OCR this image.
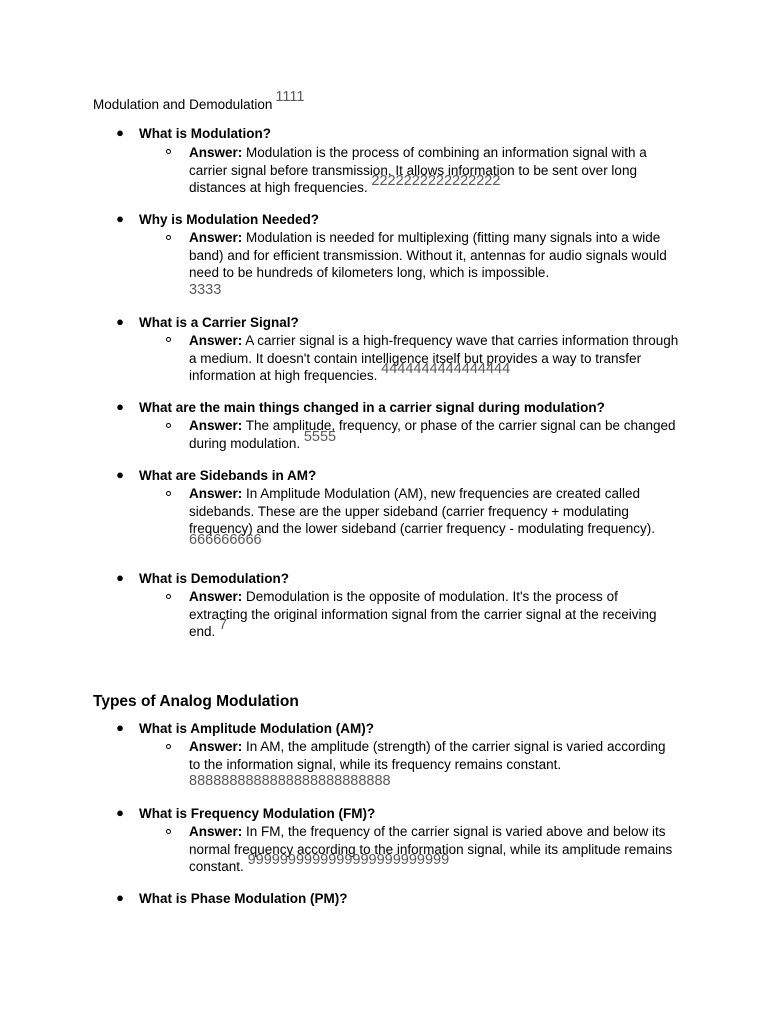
Modulation and Demodulation 1111
● What is Modulation?
Answer: Modulation is the process of combining an information signal with a carrier signal before transmission. It allows information to be sent over long distances at high frequencies. 2222222222222222
● Why is Modulation Needed?
Answer: Modulation is needed for multiplexing (fitting many signals into a wide band) and for efficient transmission. Without it, antennas for audio signals would need to be hundreds of kilometers long, which is impossible.
3333
● What is a Carrier Signal?
Answer: A carrier signal is a high-frequency wave that carries information through a medium. It doesn't contain intelligence itself but provides a way to transfer information at high frequencies. 4444444444444444
● What are the main things changed in a carrier signal during modulation?
Answer: The amplitude, frequency, or phase of the carrier signal can be changed during modulation. 5555
● What are Sidebands in AM?
Answer: In Amplitude Modulation (AM), new frequencies are created called sidebands. These are the upper sideband (carrier frequency + modulating frequency) and the lower sideband (carrier frequency - modulating frequency). 666666666
● What is Demodulation?
Answer: Demodulation is the opposite of modulation. It's the process of extracting the original information signal from the carrier signal at the receiving end. 7
Types of Analog Modulation
● What is Amplitude Modulation (AM)?
Answer: In AM, the amplitude (strength) of the carrier signal is varied according to the information signal, while its frequency remains constant.
8888888888888888888888888
● What is Frequency Modulation (FM)?
Answer: In FM, the frequency of the carrier signal is varied above and below its normal frequency according to the information signal, while its amplitude remains constant. 9999999999999999999999999
● What is Phase Modulation (PM)?
